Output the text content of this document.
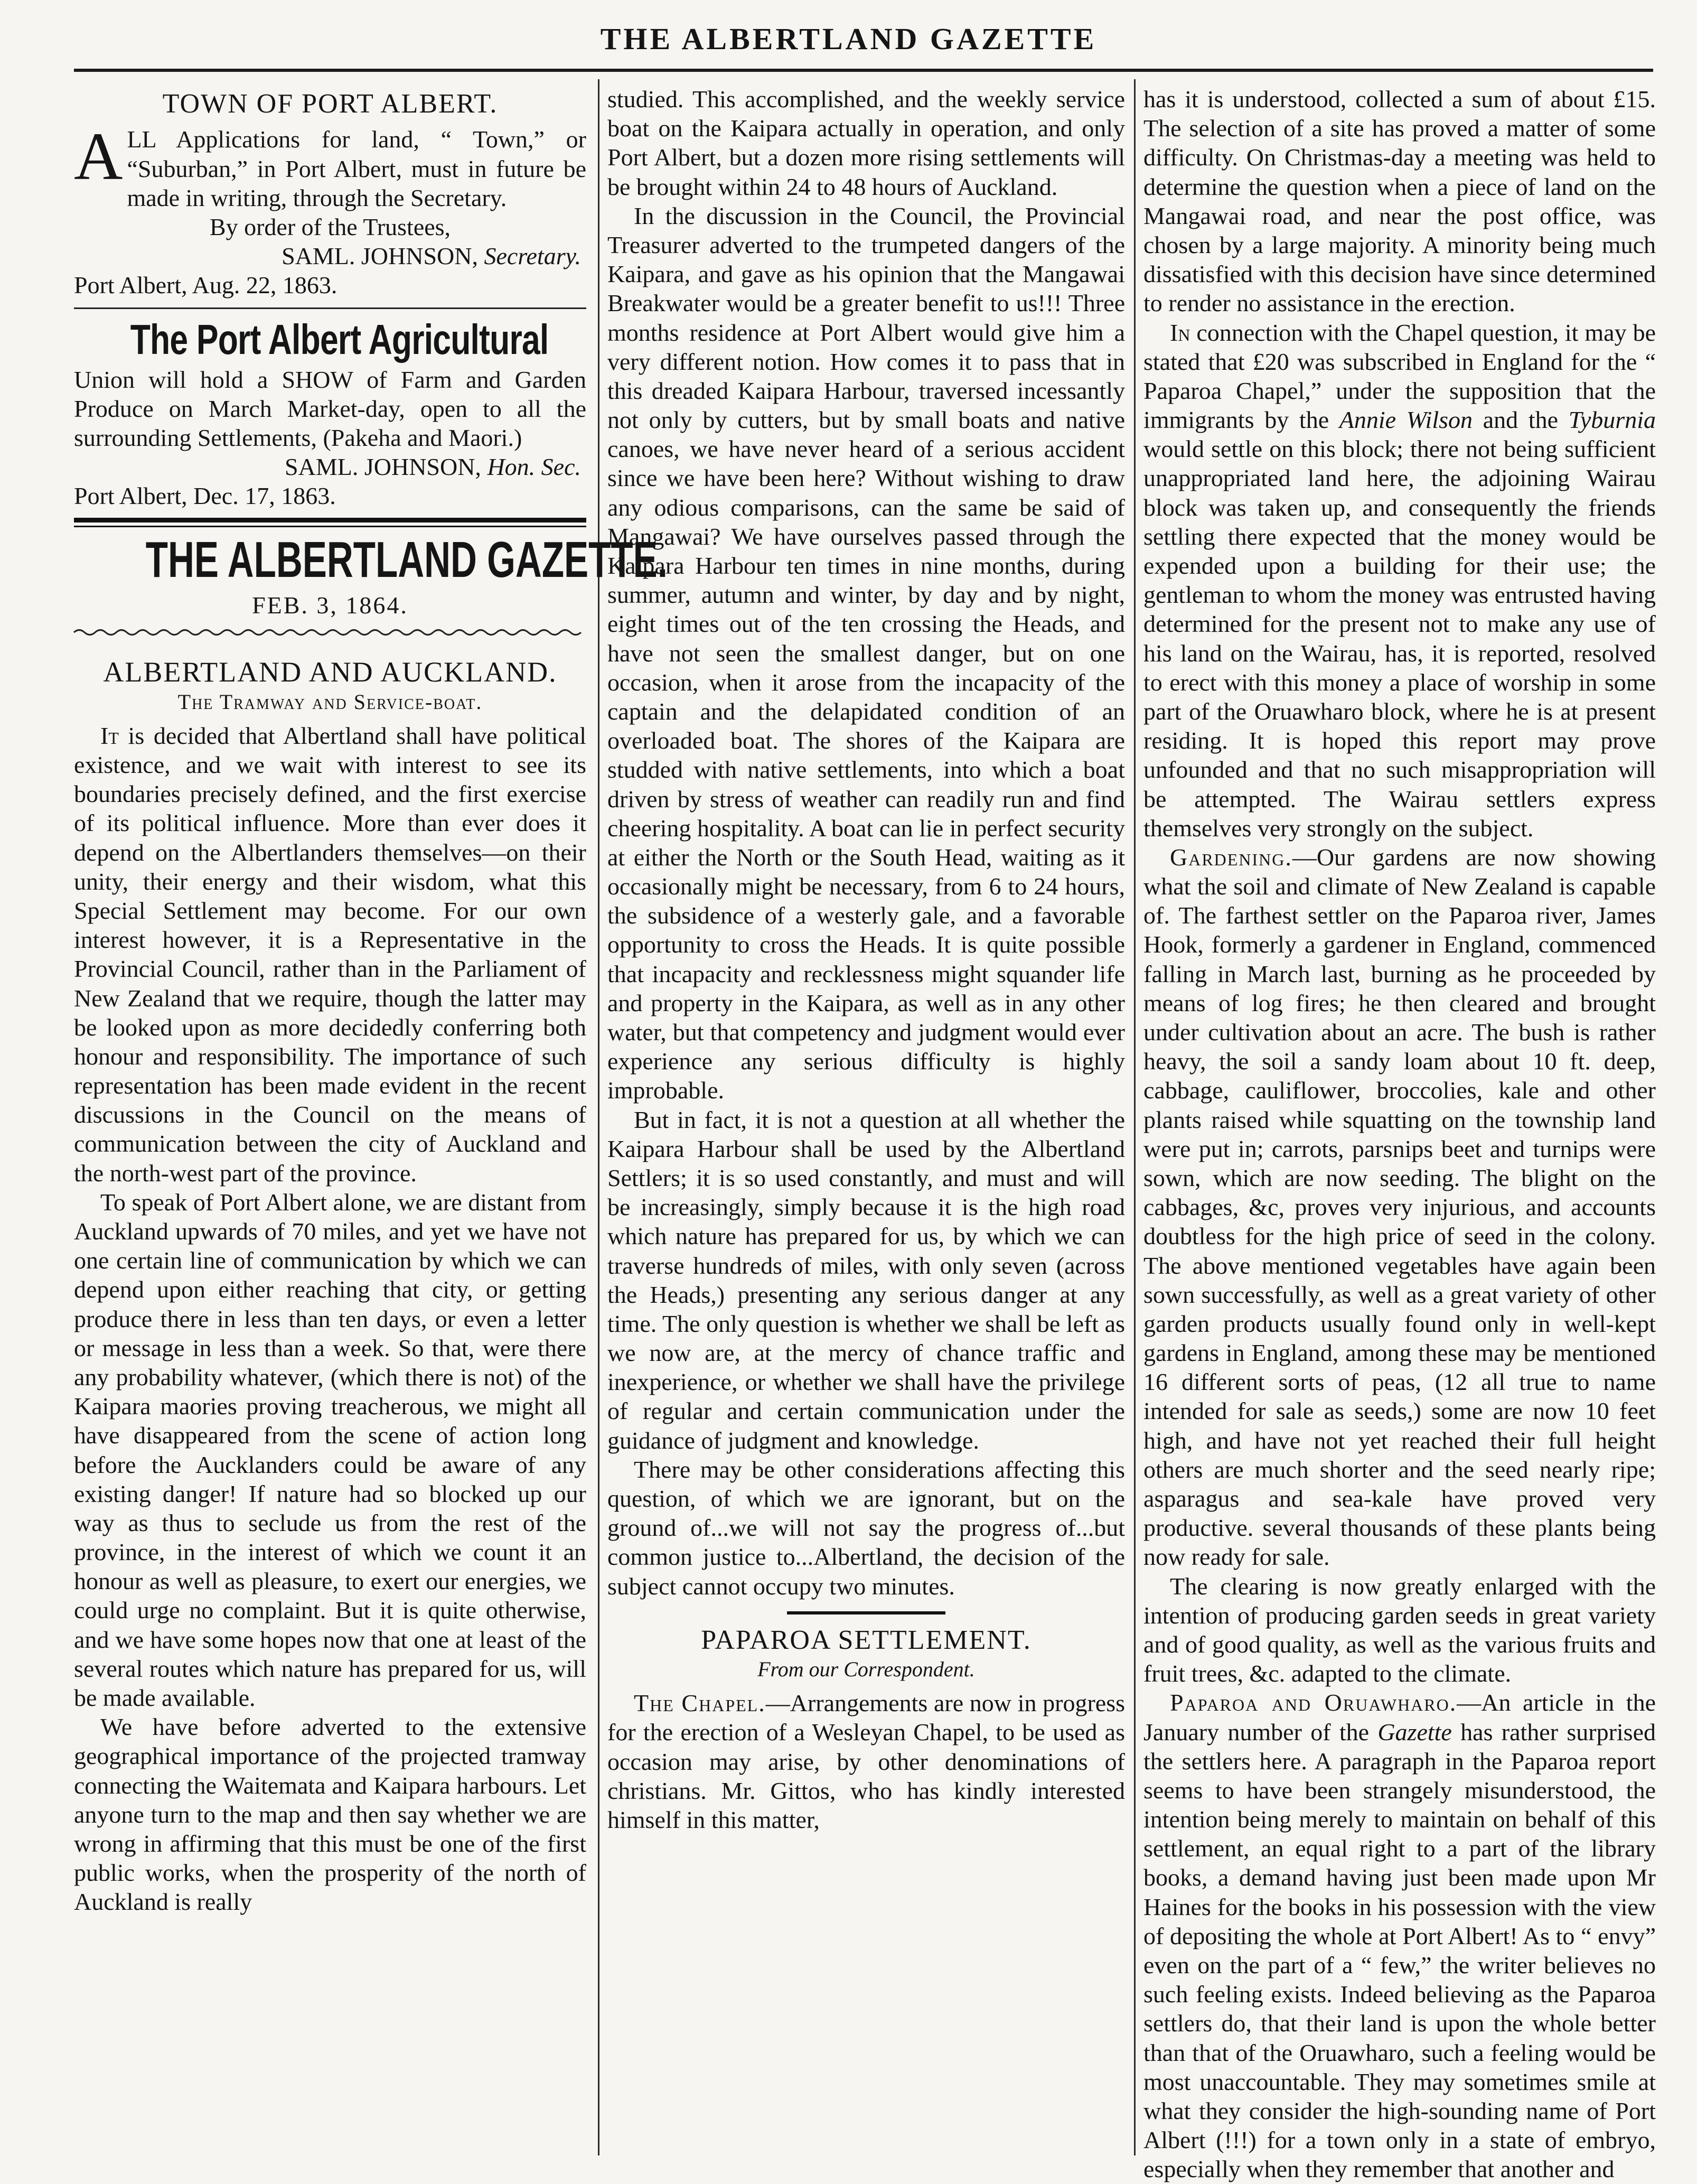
THE ALBERTLAND GAZETTE
TOWN OF PORT ALBERT.

ALL Applications for land, “ Town,” or “Suburban,” in Port Albert, must in future be made in writing, through the Secretary.

By order of the Trustees,

SAML. JOHNSON, Secretary.

Port Albert, Aug. 22, 1863.

The Port Albert Agricultural

Union will hold a SHOW of Farm and Garden Produce on March Market-day, open to all the surrounding Settlements, (Pakeha and Maori.)

SAML. JOHNSON, Hon. Sec.

Port Albert, Dec. 17, 1863.

THE ALBERTLAND GAZETTE.
FEB. 3, 1864.
ALBERTLAND AND AUCKLAND.
The Tramway and Service-boat.

It is decided that Albertland shall have political existence, and we wait with interest to see its boundaries precisely defined, and the first exercise of its political influence. More than ever does it depend on the Albertlanders themselves—on their unity, their energy and their wisdom, what this Special Settlement may become. For our own interest however, it is a Representative in the Provincial Council, rather than in the Parliament of New Zealand that we require, though the latter may be looked upon as more decidedly conferring both honour and responsibility. The importance of such representation has been made evident in the recent discussions in the Council on the means of communication between the city of Auckland and the north-west part of the province.

To speak of Port Albert alone, we are distant from Auckland upwards of 70 miles, and yet we have not one certain line of communication by which we can depend upon either reaching that city, or getting produce there in less than ten days, or even a letter or message in less than a week. So that, were there any probability whatever, (which there is not) of the Kaipara maories proving treacherous, we might all have disappeared from the scene of action long before the Aucklanders could be aware of any existing danger! If nature had so blocked up our way as thus to seclude us from the rest of the province, in the interest of which we count it an honour as well as pleasure, to exert our energies, we could urge no complaint. But it is quite otherwise, and we have some hopes now that one at least of the several routes which nature has prepared for us, will be made available.

We have before adverted to the extensive geographical importance of the projected tramway connecting the Waitemata and Kaipara harbours. Let anyone turn to the map and then say whether we are wrong in affirming that this must be one of the first public works, when the prosperity of the north of Auckland is really

studied. This accomplished, and the weekly service boat on the Kaipara actually in operation, and only Port Albert, but a dozen more rising settlements will be brought within 24 to 48 hours of Auckland.

In the discussion in the Council, the Provincial Treasurer adverted to the trumpeted dangers of the Kaipara, and gave as his opinion that the Mangawai Breakwater would be a greater benefit to us!!! Three months residence at Port Albert would give him a very different notion. How comes it to pass that in this dreaded Kaipara Harbour, traversed incessantly not only by cutters, but by small boats and native canoes, we have never heard of a serious accident since we have been here? Without wishing to draw any odious comparisons, can the same be said of Mangawai? We have ourselves passed through the Kaipara Harbour ten times in nine months, during summer, autumn and winter, by day and by night, eight times out of the ten crossing the Heads, and have not seen the smallest danger, but on one occasion, when it arose from the incapacity of the captain and the delapidated condition of an overloaded boat. The shores of the Kaipara are studded with native settlements, into which a boat driven by stress of weather can readily run and find cheering hospitality. A boat can lie in perfect security at either the North or the South Head, waiting as it occasionally might be necessary, from 6 to 24 hours, the subsidence of a westerly gale, and a favorable opportunity to cross the Heads. It is quite possible that incapacity and recklessness might squander life and property in the Kaipara, as well as in any other water, but that competency and judgment would ever experience any serious difficulty is highly improbable.

But in fact, it is not a question at all whether the Kaipara Harbour shall be used by the Albertland Settlers; it is so used constantly, and must and will be increasingly, simply because it is the high road which nature has prepared for us, by which we can traverse hundreds of miles, with only seven (across the Heads,) presenting any serious danger at any time. The only question is whether we shall be left as we now are, at the mercy of chance traffic and inexperience, or whether we shall have the privilege of regular and certain communication under the guidance of judgment and knowledge.

There may be other considerations affecting this question, of which we are ignorant, but on the ground of...we will not say the progress of...but common justice to...Albertland, the decision of the subject cannot occupy two minutes.

PAPAROA SETTLEMENT.
From our Correspondent.

The Chapel.—Arrangements are now in progress for the erection of a Wesleyan Chapel, to be used as occasion may arise, by other denominations of christians. Mr. Gittos, who has kindly interested himself in this matter,

has it is understood, collected a sum of about £15. The selection of a site has proved a matter of some difficulty. On Christmas-day a meeting was held to determine the question when a piece of land on the Mangawai road, and near the post office, was chosen by a large majority. A minority being much dissatisfied with this decision have since determined to render no assistance in the erection.

In connection with the Chapel question, it may be stated that £20 was subscribed in England for the “ Paparoa Chapel,” under the supposition that the immigrants by the Annie Wilson and the Tyburnia would settle on this block; there not being sufficient unappropriated land here, the adjoining Wairau block was taken up, and consequently the friends settling there expected that the money would be expended upon a building for their use; the gentleman to whom the money was entrusted having determined for the present not to make any use of his land on the Wairau, has, it is reported, resolved to erect with this money a place of worship in some part of the Oruawharo block, where he is at present residing. It is hoped this report may prove unfounded and that no such misappropriation will be attempted. The Wairau settlers express themselves very strongly on the subject.

Gardening.—Our gardens are now showing what the soil and climate of New Zealand is capable of. The farthest settler on the Paparoa river, James Hook, formerly a gardener in England, commenced falling in March last, burning as he proceeded by means of log fires; he then cleared and brought under cultivation about an acre. The bush is rather heavy, the soil a sandy loam about 10 ft. deep, cabbage, cauliflower, broccolies, kale and other plants raised while squatting on the township land were put in; carrots, parsnips beet and turnips were sown, which are now seeding. The blight on the cabbages, &c, proves very injurious, and accounts doubtless for the high price of seed in the colony. The above mentioned vegetables have again been sown successfully, as well as a great variety of other garden products usually found only in well-kept gardens in England, among these may be mentioned 16 different sorts of peas, (12 all true to name intended for sale as seeds,) some are now 10 feet high, and have not yet reached their full height others are much shorter and the seed nearly ripe; asparagus and sea-kale have proved very productive. several thousands of these plants being now ready for sale.

The clearing is now greatly enlarged with the intention of producing garden seeds in great variety and of good quality, as well as the various fruits and fruit trees, &c. adapted to the climate.

Paparoa and Oruawharo.—An article in the January number of the Gazette has rather surprised the settlers here. A paragraph in the Paparoa report seems to have been strangely misunderstood, the intention being merely to maintain on behalf of this settlement, an equal right to a part of the library books, a demand having just been made upon Mr Haines for the books in his possession with the view of depositing the whole at Port Albert! As to “ envy” even on the part of a “ few,” the writer believes no such feeling exists. Indeed believing as the Paparoa settlers do, that their land is upon the whole better than that of the Oruawharo, such a feeling would be most unaccountable. They may sometimes smile at what they consider the high-sounding name of Port Albert (!!!) for a town only in a state of embryo, especially when they remember that another and
